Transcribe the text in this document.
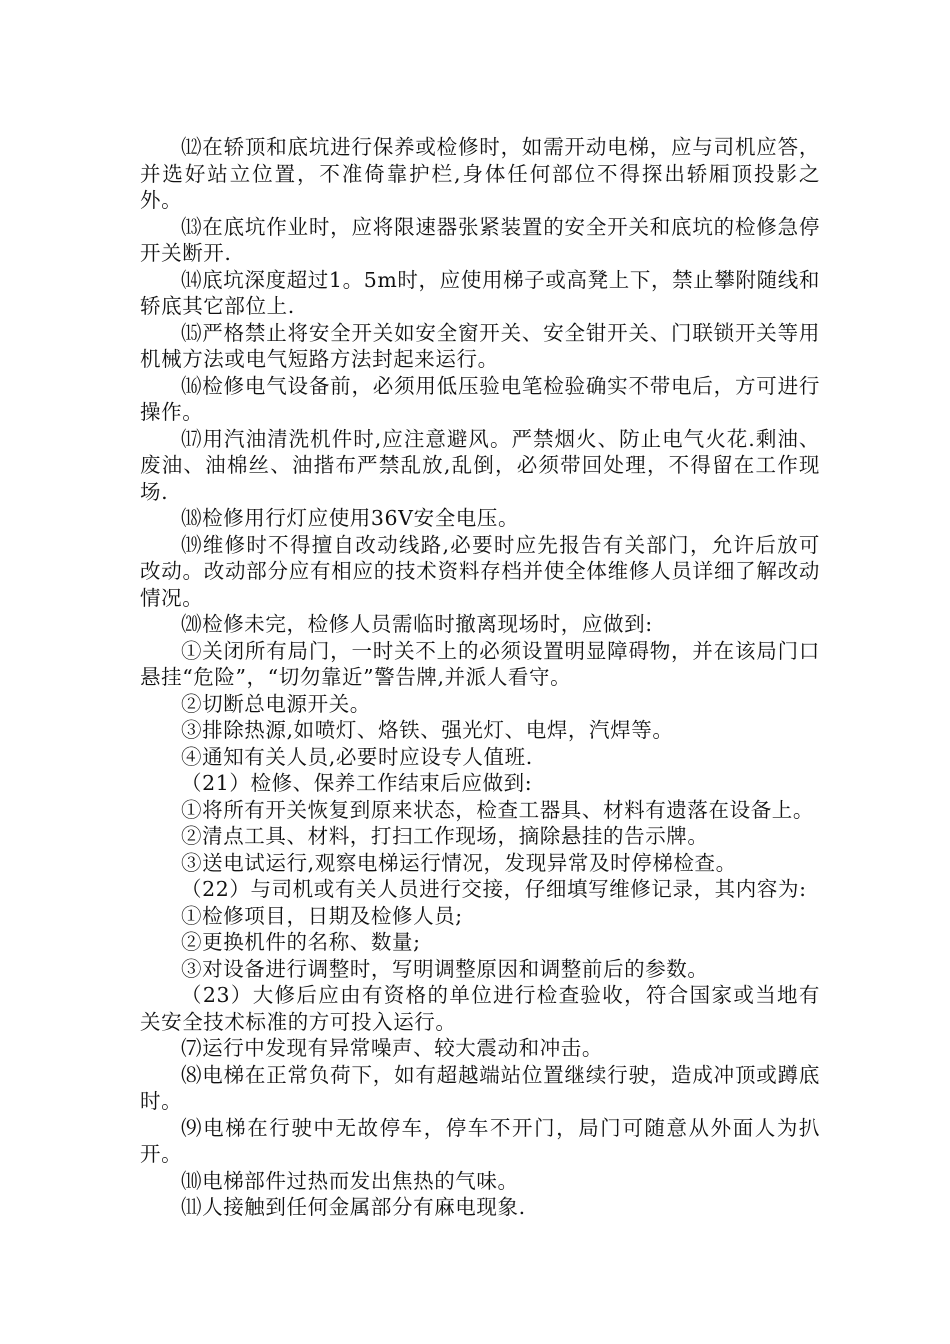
⑿在轿顶和底坑进行保养或检修时，如需开动电梯，应与司机应答，并选好站立位置，不准倚靠护栏,身体任何部位不得探出轿厢顶投影之外。

⒀在底坑作业时，应将限速器张紧装置的安全开关和底坑的检修急停开关断开.

⒁底坑深度超过1。5m时，应使用梯子或高凳上下，禁止攀附随线和轿底其它部位上.

⒂严格禁止将安全开关如安全窗开关、安全钳开关、门联锁开关等用机械方法或电气短路方法封起来运行。

⒃检修电气设备前，必须用低压验电笔检验确实不带电后，方可进行操作。

⒄用汽油清洗机件时,应注意避风。严禁烟火、防止电气火花.剩油、废油、油棉丝、油揩布严禁乱放,乱倒，必须带回处理，不得留在工作现场.

⒅检修用行灯应使用36V安全电压。

⒆维修时不得擅自改动线路,必要时应先报告有关部门，允许后放可改动。改动部分应有相应的技术资料存档并使全体维修人员详细了解改动情况。

⒇检修未完，检修人员需临时撤离现场时，应做到:

①关闭所有局门，一时关不上的必须设置明显障碍物，并在该局门口悬挂“危险”，“切勿靠近”警告牌,并派人看守。

②切断总电源开关。

③排除热源,如喷灯、烙铁、强光灯、电焊，汽焊等。

④通知有关人员,必要时应设专人值班.

（21）检修、保养工作结束后应做到:

①将所有开关恢复到原来状态，检查工器具、材料有遗落在设备上。

②清点工具、材料，打扫工作现场，摘除悬挂的告示牌。

③送电试运行,观察电梯运行情况，发现异常及时停梯检查。

（22）与司机或有关人员进行交接，仔细填写维修记录，其内容为:

①检修项目，日期及检修人员;

②更换机件的名称、数量;

③对设备进行调整时，写明调整原因和调整前后的参数。

（23）大修后应由有资格的单位进行检查验收，符合国家或当地有关安全技术标准的方可投入运行。

⑺运行中发现有异常噪声、较大震动和冲击。

⑻电梯在正常负荷下，如有超越端站位置继续行驶，造成冲顶或蹲底时。

⑼电梯在行驶中无故停车，停车不开门，局门可随意从外面人为扒开。

⑽电梯部件过热而发出焦热的气味。

⑾人接触到任何金属部分有麻电现象.
